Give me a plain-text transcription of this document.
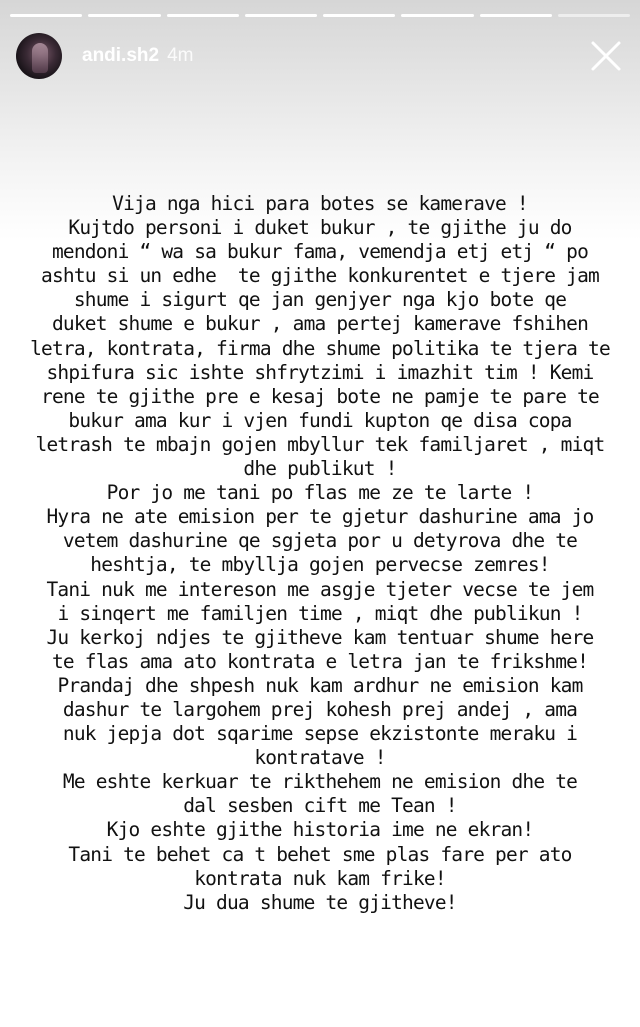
andi.sh2 4m
Vija nga hici para botes se kamerave !
Kujtdo personi i duket bukur , te gjithe ju do
mendoni “ wa sa bukur fama, vemendja etj etj “ po
ashtu si un edhe  te gjithe konkurentet e tjere jam
shume i sigurt qe jan genjyer nga kjo bote qe
duket shume e bukur , ama pertej kamerave fshihen
letra, kontrata, firma dhe shume politika te tjera te
shpifura sic ishte shfrytzimi i imazhit tim ! Kemi
rene te gjithe pre e kesaj bote ne pamje te pare te
bukur ama kur i vjen fundi kupton qe disa copa
letrash te mbajn gojen mbyllur tek familjaret , miqt
dhe publikut !
Por jo me tani po flas me ze te larte !
Hyra ne ate emision per te gjetur dashurine ama jo
vetem dashurine qe sgjeta por u detyrova dhe te
heshtja, te mbyllja gojen pervecse zemres!
Tani nuk me intereson me asgje tjeter vecse te jem
i sinqert me familjen time , miqt dhe publikun !
Ju kerkoj ndjes te gjitheve kam tentuar shume here
te flas ama ato kontrata e letra jan te frikshme!
Prandaj dhe shpesh nuk kam ardhur ne emision kam
dashur te largohem prej kohesh prej andej , ama
nuk jepja dot sqarime sepse ekzistonte meraku i
kontratave !
Me eshte kerkuar te rikthehem ne emision dhe te
dal sesben cift me Tean !
Kjo eshte gjithe historia ime ne ekran!
Tani te behet ca t behet sme plas fare per ato
kontrata nuk kam frike!
Ju dua shume te gjitheve!
